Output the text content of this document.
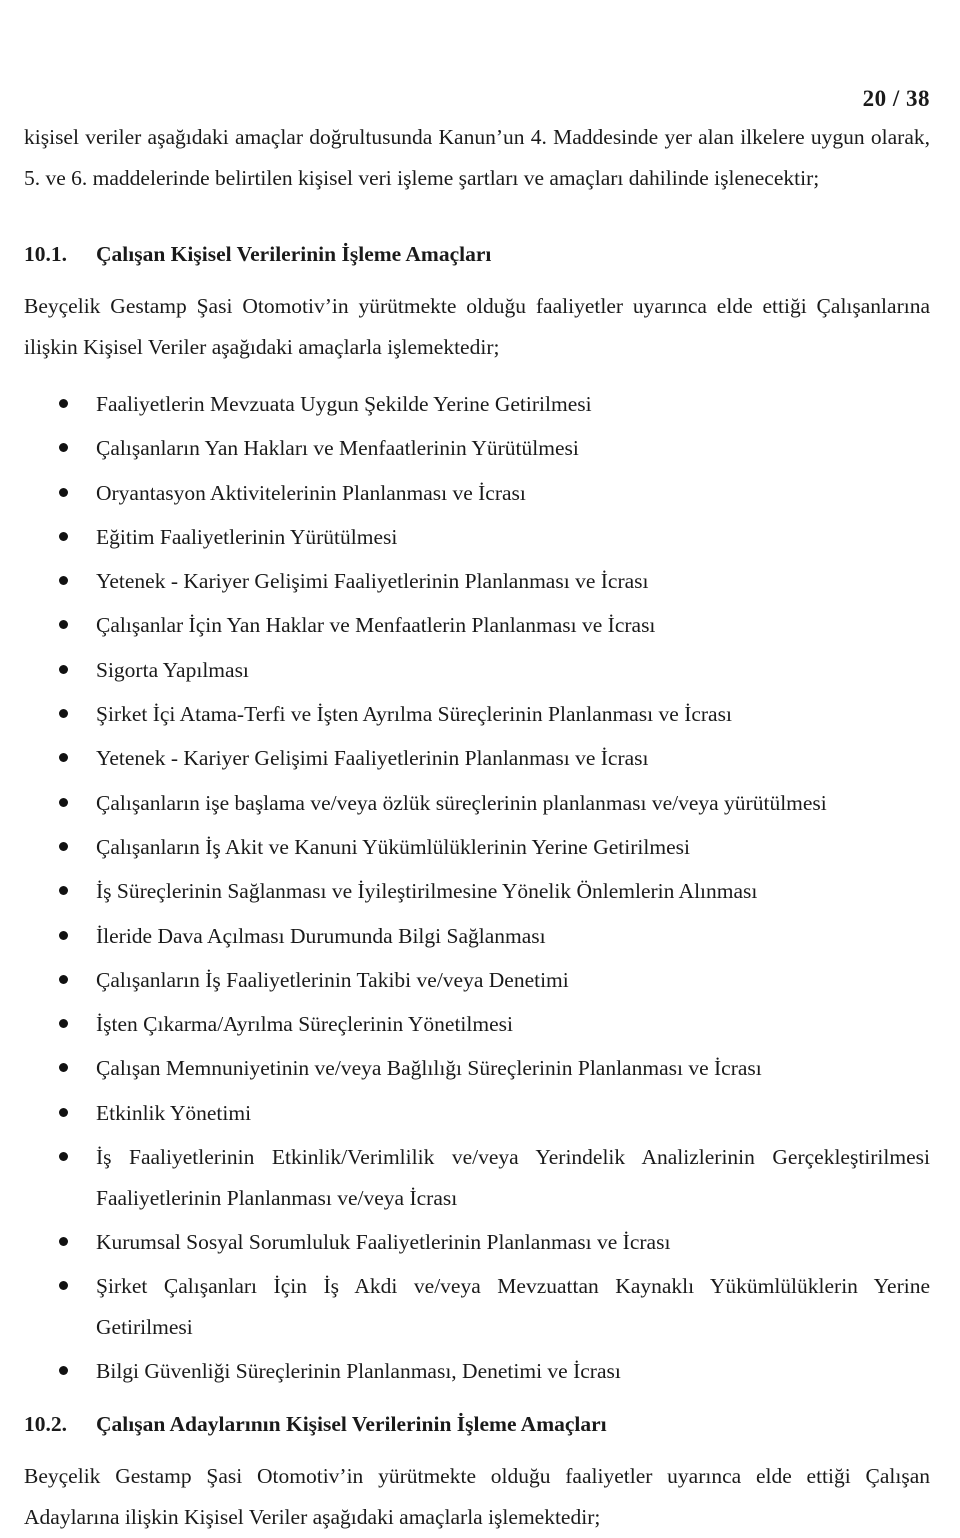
20 / 38

kişisel veriler aşağıdaki amaçlar doğrultusunda Kanun’un 4. Maddesinde yer alan ilkelere uygun olarak, 5. ve 6. maddelerinde belirtilen kişisel veri işleme şartları ve amaçları dahilinde işlenecektir;

10.1. Çalışan Kişisel Verilerinin İşleme Amaçları

Beyçelik Gestamp Şasi Otomotiv’in yürütmekte olduğu faaliyetler uyarınca elde ettiği Çalışanlarına ilişkin Kişisel Veriler aşağıdaki amaçlarla işlemektedir;

Faaliyetlerin Mevzuata Uygun Şekilde Yerine Getirilmesi
Çalışanların Yan Hakları ve Menfaatlerinin Yürütülmesi
Oryantasyon Aktivitelerinin Planlanması ve İcrası
Eğitim Faaliyetlerinin Yürütülmesi
Yetenek - Kariyer Gelişimi Faaliyetlerinin Planlanması ve İcrası
Çalışanlar İçin Yan Haklar ve Menfaatlerin Planlanması ve İcrası
Sigorta Yapılması
Şirket İçi Atama-Terfi ve İşten Ayrılma Süreçlerinin Planlanması ve İcrası
Yetenek - Kariyer Gelişimi Faaliyetlerinin Planlanması ve İcrası
Çalışanların işe başlama ve/veya özlük süreçlerinin planlanması ve/veya yürütülmesi
Çalışanların İş Akit ve Kanuni Yükümlülüklerinin Yerine Getirilmesi
İş Süreçlerinin Sağlanması ve İyileştirilmesine Yönelik Önlemlerin Alınması
İleride Dava Açılması Durumunda Bilgi Sağlanması
Çalışanların İş Faaliyetlerinin Takibi ve/veya Denetimi
İşten Çıkarma/Ayrılma Süreçlerinin Yönetilmesi
Çalışan Memnuniyetinin ve/veya Bağlılığı Süreçlerinin Planlanması ve İcrası
Etkinlik Yönetimi
İş Faaliyetlerinin Etkinlik/Verimlilik ve/veya Yerindelik Analizlerinin Gerçekleştirilmesi Faaliyetlerinin Planlanması ve/veya İcrası
Kurumsal Sosyal Sorumluluk Faaliyetlerinin Planlanması ve İcrası
Şirket Çalışanları İçin İş Akdi ve/veya Mevzuattan Kaynaklı Yükümlülüklerin Yerine Getirilmesi
Bilgi Güvenliği Süreçlerinin Planlanması, Denetimi ve İcrası
10.2. Çalışan Adaylarının Kişisel Verilerinin İşleme Amaçları

Beyçelik Gestamp Şasi Otomotiv’in yürütmekte olduğu faaliyetler uyarınca elde ettiği Çalışan Adaylarına ilişkin Kişisel Veriler aşağıdaki amaçlarla işlemektedir;
